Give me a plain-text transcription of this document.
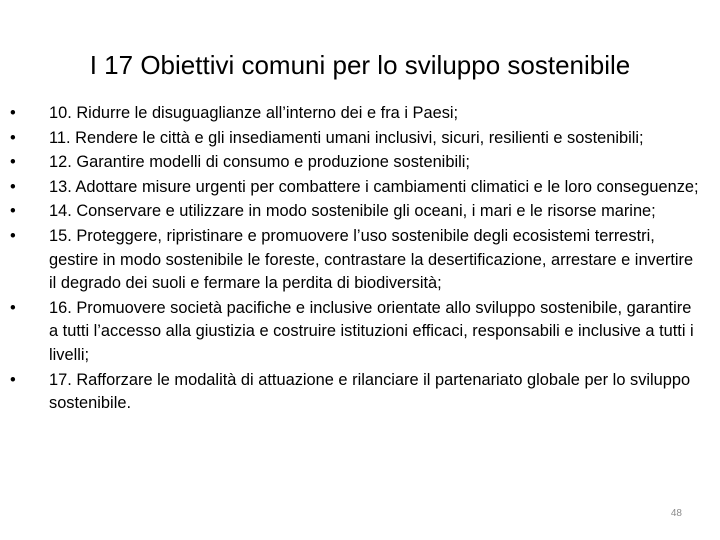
I 17 Obiettivi comuni per lo sviluppo sostenibile
•	10. Ridurre le disuguaglianze all’interno dei e fra i Paesi;
•	11. Rendere le città e gli insediamenti umani inclusivi, sicuri, resilienti e sostenibili;
•	12. Garantire modelli di consumo e produzione sostenibili;
•	13. Adottare misure urgenti per combattere i cambiamenti climatici e le loro conseguenze;
•	14. Conservare e utilizzare in modo sostenibile gli oceani, i mari e le risorse marine;
•	15. Proteggere, ripristinare e promuovere l’uso sostenibile degli ecosistemi terrestri, gestire in modo sostenibile le foreste, contrastare la desertificazione, arrestare e invertire il degrado dei suoli e fermare la perdita di biodiversità;
•	16. Promuovere società pacifiche e inclusive orientate allo sviluppo sostenibile, garantire a tutti l’accesso alla giustizia e costruire istituzioni efficaci, responsabili e inclusive a tutti i livelli;
•	17. Rafforzare le modalità di attuazione e rilanciare il partenariato globale per lo sviluppo sostenibile.
48
